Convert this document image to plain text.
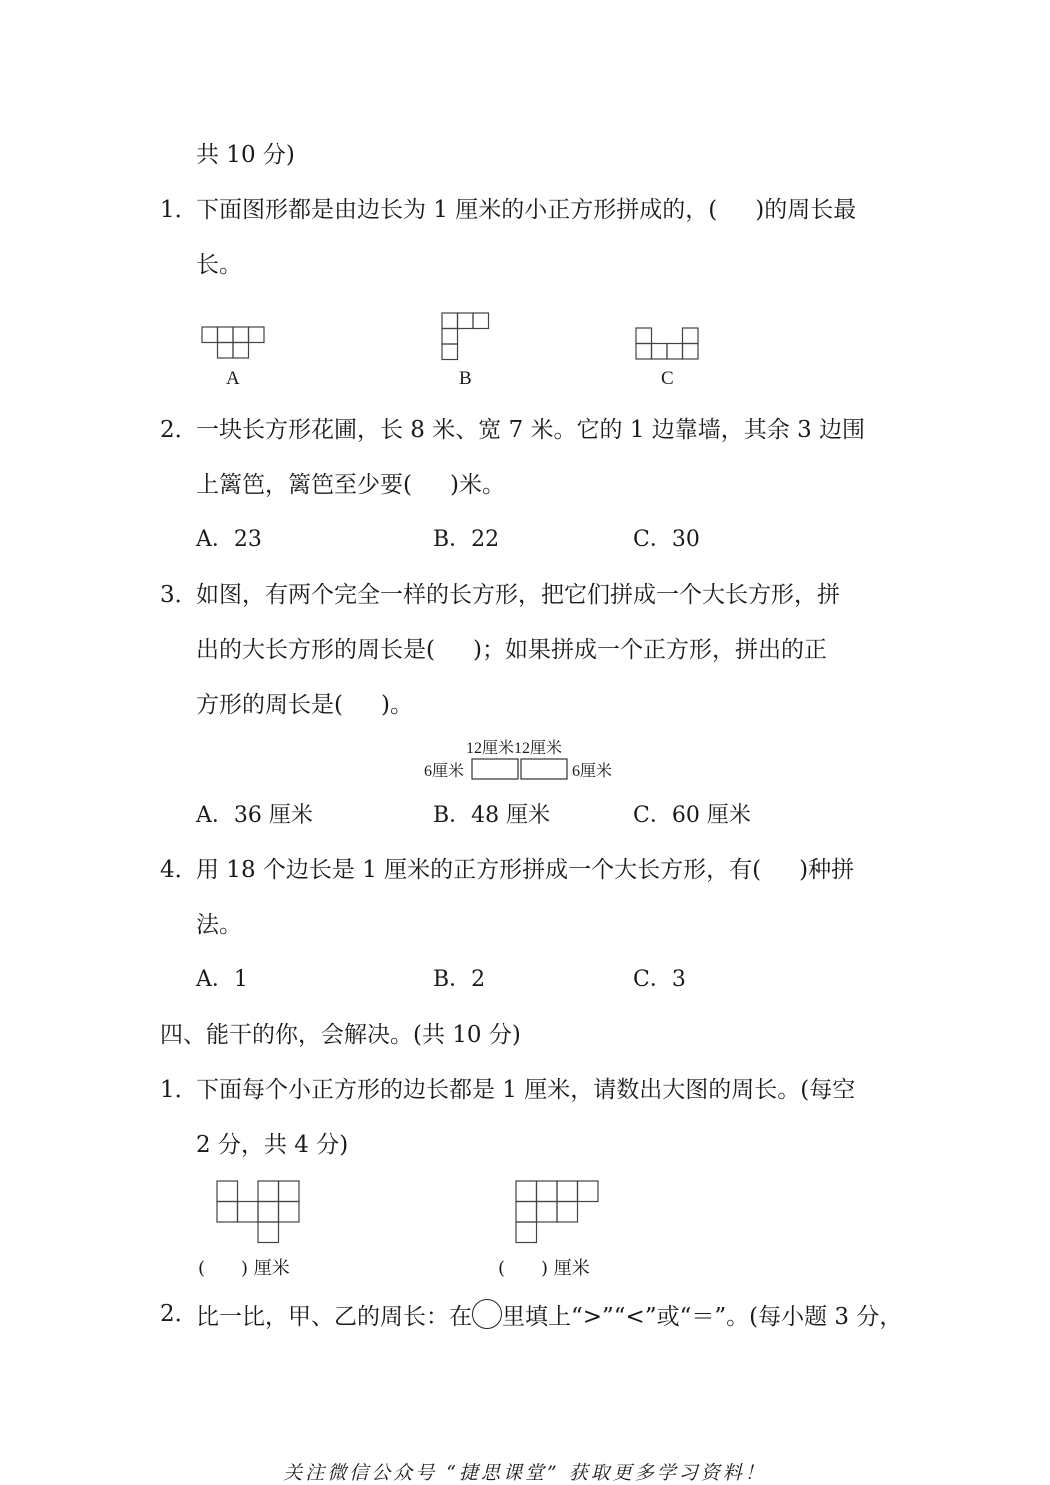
共 10 分)
1．
下面图形都是由边长为 1 厘米的小正方形拼成的，( )的周长最
长。
A	B	C
2．
一块长方形花圃，长 8 米、宽 7 米。它的 1 边靠墙，其余 3 边围
上篱笆，篱笆至少要( )米。
A．23	B．22	C．30
3．
如图，有两个完全一样的长方形，把它们拼成一个大长方形，拼
出的大长方形的周长是( )；如果拼成一个正方形，拼出的正
方形的周长是( )。
12厘米12厘米
6厘米	6厘米
A．36 厘米	B．48 厘米	C．60 厘米
4．
用 18 个边长是 1 厘米的正方形拼成一个大长方形，有( )种拼
法。
A．1	B．2	C．3
四、能干的你，会解决。(共 10 分)
1．
下面每个小正方形的边长都是 1 厘米，请数出大图的周长。(每空
2 分，共 4 分)
(　　) 厘米	(　　) 厘米
2．
比一比，甲、乙的周长：在 里填上“>”“<”或“＝”。(每小题 3 分，
关注微信公众号 “捷思课堂” 获取更多学习资料！
